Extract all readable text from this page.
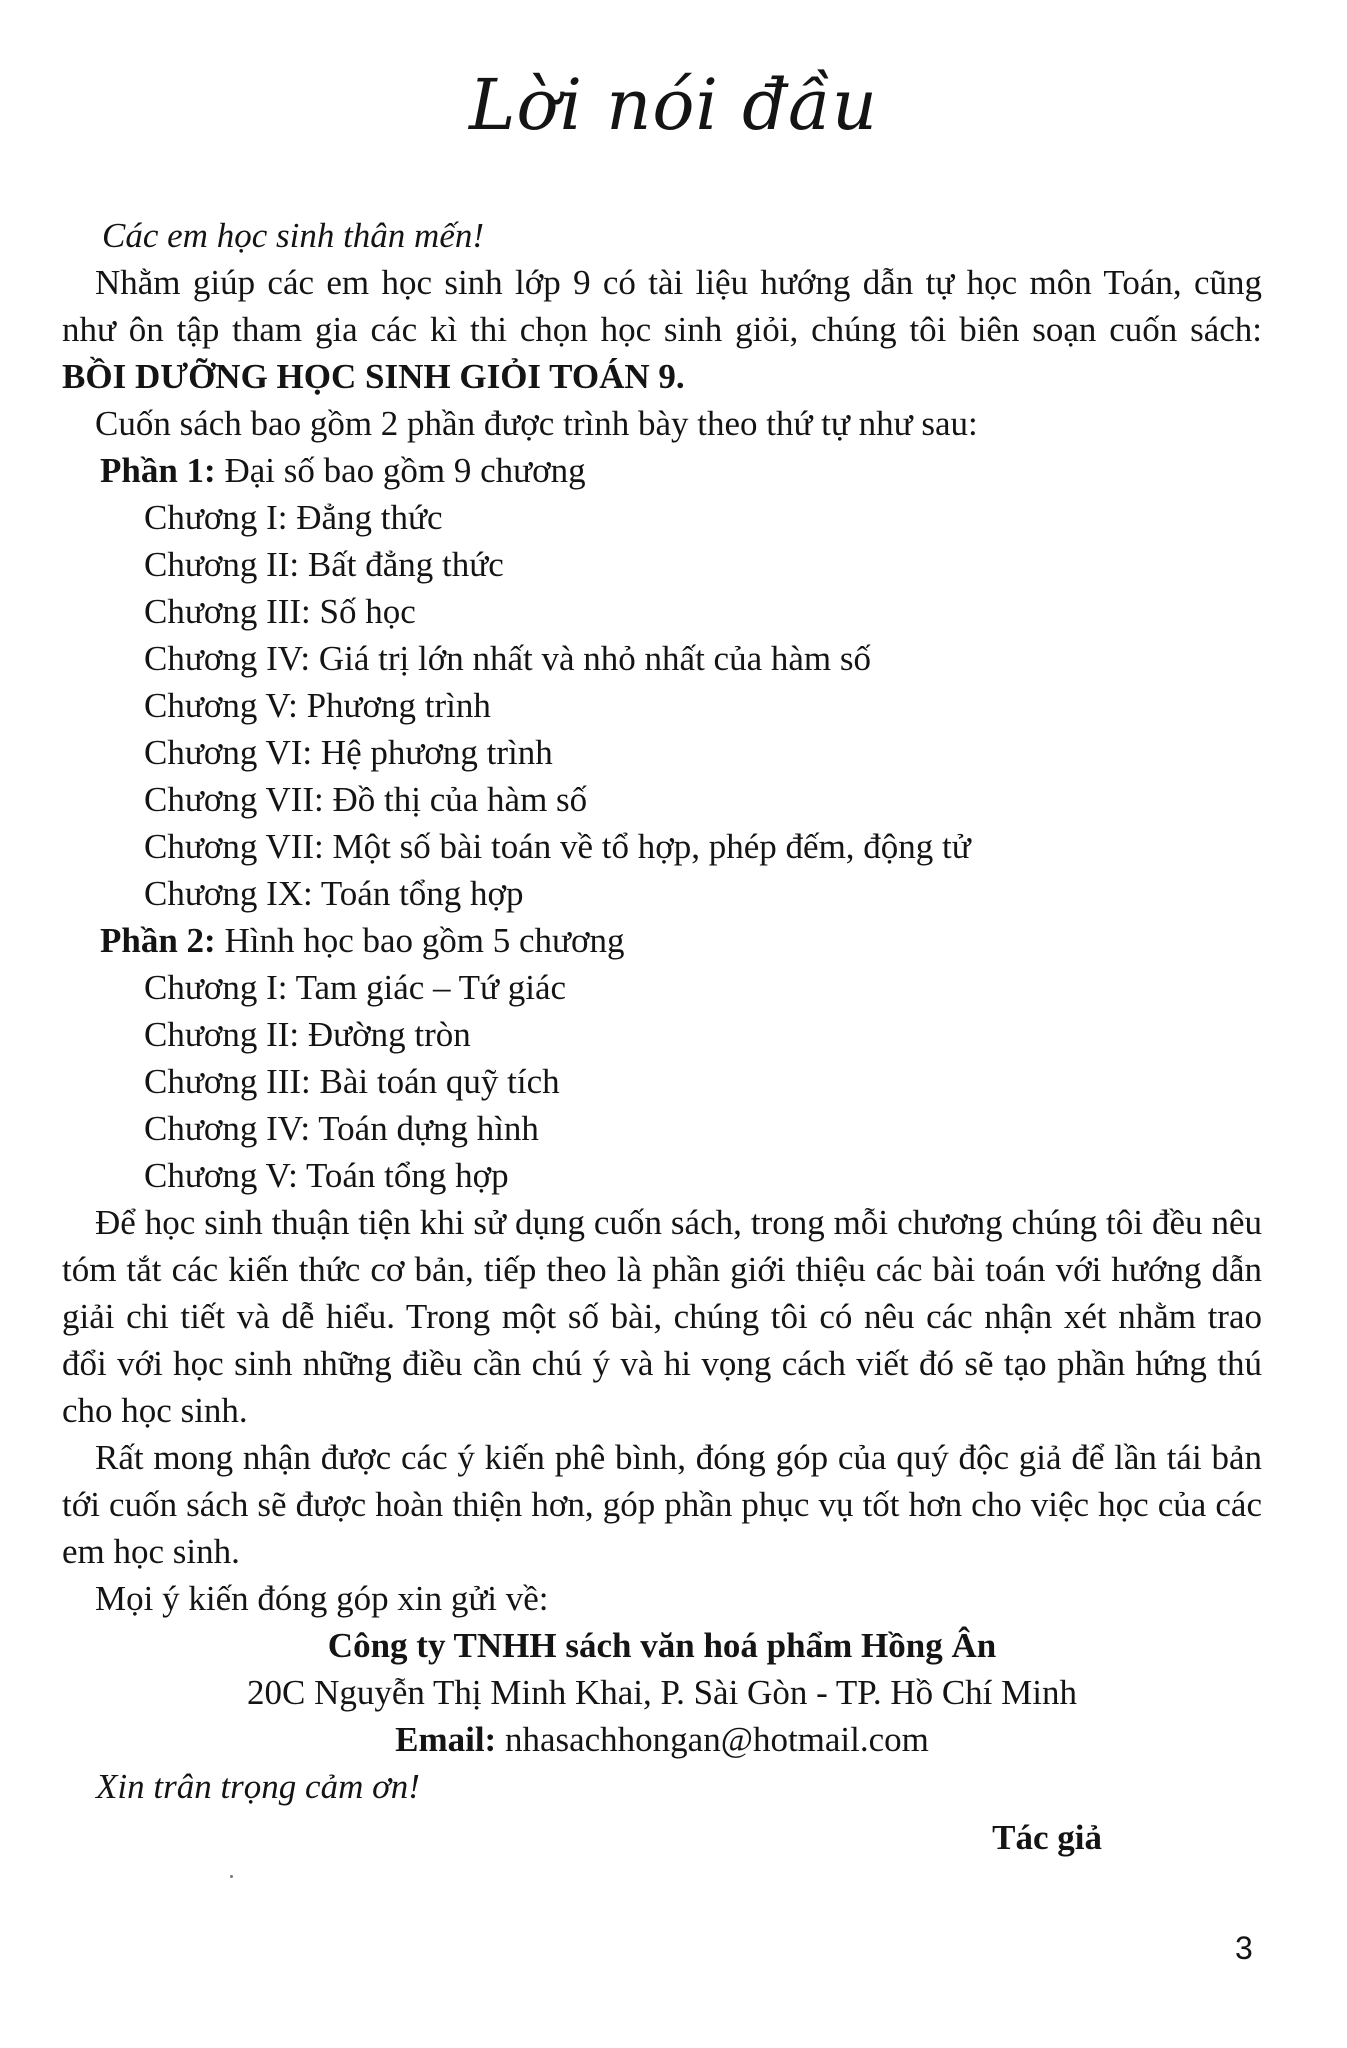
Lời nói đầu

Các em học sinh thân mến!

Nhằm giúp các em học sinh lớp 9 có tài liệu hướng dẫn tự học môn Toán, cũng như ôn tập tham gia các kì thi chọn học sinh giỏi, chúng tôi biên soạn cuốn sách: BỒI DƯỠNG HỌC SINH GIỎI TOÁN 9.

Cuốn sách bao gồm 2 phần được trình bày theo thứ tự như sau:

Phần 1: Đại số bao gồm 9 chương

Chương I: Đẳng thức

Chương II: Bất đẳng thức

Chương III: Số học

Chương IV: Giá trị lớn nhất và nhỏ nhất của hàm số

Chương V: Phương trình

Chương VI: Hệ phương trình

Chương VII: Đồ thị của hàm số

Chương VII: Một số bài toán về tổ hợp, phép đếm, động tử

Chương IX: Toán tổng hợp

Phần 2: Hình học bao gồm 5 chương

Chương I: Tam giác – Tứ giác

Chương II: Đường tròn

Chương III: Bài toán quỹ tích

Chương IV: Toán dựng hình

Chương V: Toán tổng hợp

Để học sinh thuận tiện khi sử dụng cuốn sách, trong mỗi chương chúng tôi đều nêu tóm tắt các kiến thức cơ bản, tiếp theo là phần giới thiệu các bài toán với hướng dẫn giải chi tiết và dễ hiểu. Trong một số bài, chúng tôi có nêu các nhận xét nhằm trao đổi với học sinh những điều cần chú ý và hi vọng cách viết đó sẽ tạo phần hứng thú cho học sinh.

Rất mong nhận được các ý kiến phê bình, đóng góp của quý độc giả để lần tái bản tới cuốn sách sẽ được hoàn thiện hơn, góp phần phục vụ tốt hơn cho việc học của các em học sinh.

Mọi ý kiến đóng góp xin gửi về:

Công ty TNHH sách văn hoá phẩm Hồng Ân

20C Nguyễn Thị Minh Khai, P. Sài Gòn - TP. Hồ Chí Minh

Email: nhasachhongan@hotmail.com

Xin trân trọng cảm ơn!

Tác giả

3
